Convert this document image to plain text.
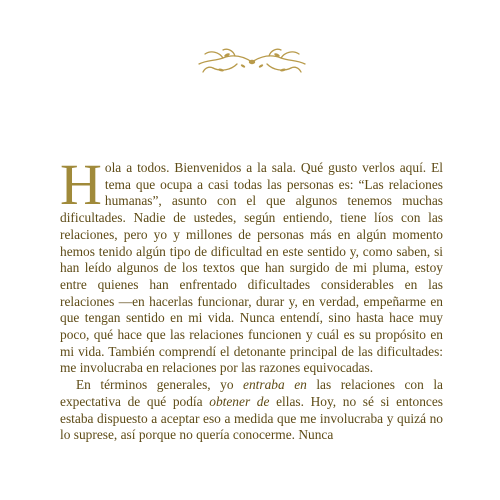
Hola a todos. Bienvenidos a la sala. Qué gusto verlos aquí. El tema que ocupa a casi todas las personas es: “Las relaciones humanas”, asunto con el que algunos tenemos muchas dificultades. Nadie de ustedes, según entiendo, tiene líos con las relaciones, pero yo y millones de personas más en algún momento hemos tenido algún tipo de dificultad en este sentido y, como saben, si han leído algunos de los textos que han surgido de mi pluma, estoy entre quienes han enfrentado dificultades considerables en las relaciones —en hacerlas funcionar, durar y, en verdad, empeñarme en que tengan sentido en mi vida. Nunca entendí, sino hasta hace muy poco, qué hace que las relaciones funcionen y cuál es su propósito en mi vida. También comprendí el detonante principal de las dificultades: me involucraba en relaciones por las razones equivocadas.

En términos generales, yo entraba en las relaciones con la expectativa de qué podía obtener de ellas. Hoy, no sé si entonces estaba dispuesto a aceptar eso a medida que me involucraba y quizá no lo suprese, así porque no quería conocerme. Nunca
